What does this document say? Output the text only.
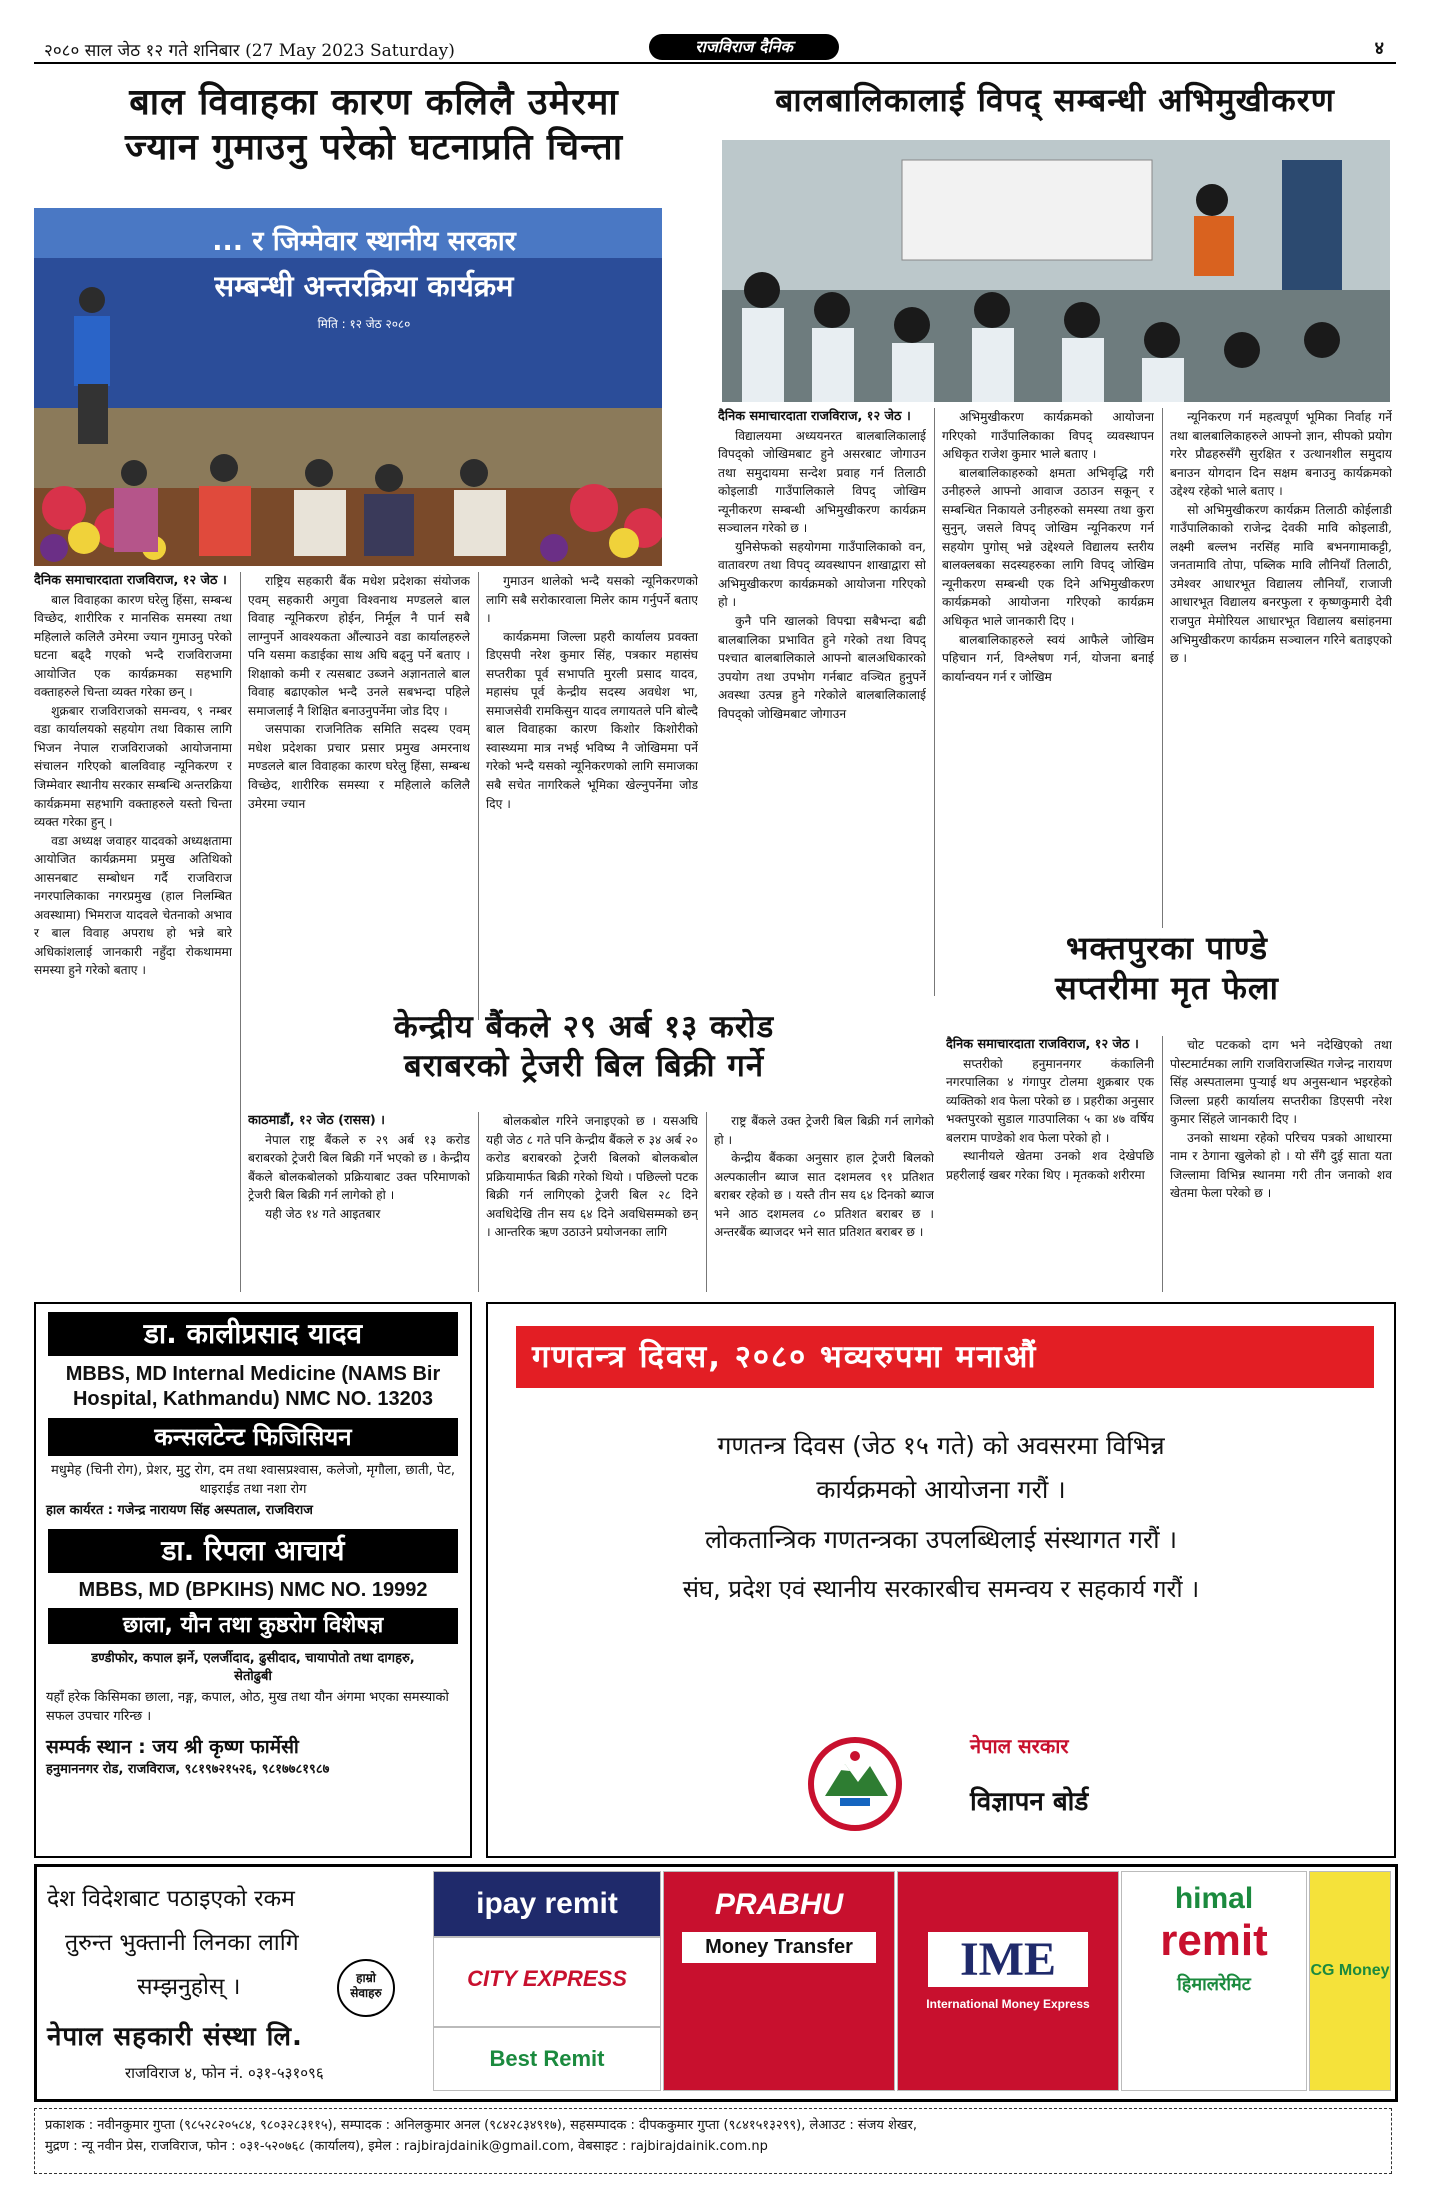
२०८० साल जेठ १२ गते शनिबार (27 May 2023 Saturday)	राजविराज दैनिक	४
बाल विवाहका कारण कलिलै उमेरमा
ज्यान गुमाउनु परेको घटनाप्रति चिन्ता
... र जिम्मेवार स्थानीय सरकार
सम्बन्धी अन्तरक्रिया कार्यक्रम
मिति : १२ जेठ २०८०

दैनिक समाचारदाता राजविराज, १२ जेठ ।

बाल विवाहका कारण घरेलु हिंसा, सम्बन्ध विच्छेद, शारीरिक र मानसिक समस्या तथा महिलाले कलिलै उमेरमा ज्यान गुमाउनु परेको घटना बढ्दै गएको भन्दै राजविराजमा आयोजित एक कार्यक्रमका सहभागि वक्ताहरुले चिन्ता व्यक्त गरेका छन् ।

शुक्रबार राजविराजको समन्वय, ९ नम्बर वडा कार्यालयको सहयोग तथा विकास लागि भिजन नेपाल राजविराजको आयोजनामा संचालन गरिएको बालविवाह न्यूनिकरण र जिम्मेवार स्थानीय सरकार सम्बन्धि अन्तरक्रिया कार्यक्रममा सहभागि वक्ताहरुले यस्तो चिन्ता व्यक्त गरेका हुन् ।

वडा अध्यक्ष जवाहर यादवको अध्यक्षतामा आयोजित कार्यक्रममा प्रमुख अतिथिको आसनबाट सम्बोधन गर्दै राजविराज नगरपालिकाका नगरप्रमुख (हाल निलम्बित अवस्थामा) भिमराज यादवले चेतनाको अभाव र बाल विवाह अपराध हो भन्ने बारे अधिकांशलाई जानकारी नहुँदा रोकथाममा समस्या हुने गरेको बताए ।

राष्ट्रिय सहकारी बैंक मधेश प्रदेशका संयोजक एवम् सहकारी अगुवा विश्वनाथ मण्डलले बाल विवाह न्यूनिकरण होईन, निर्मूल नै पार्न सबै लाग्नुपर्ने आवश्यकता औंल्याउने वडा कार्यालहरुले पनि यसमा कडाईका साथ अघि बढ्नु पर्ने बताए । शिक्षाको कमी र त्यसबाट उब्जने अज्ञानताले बाल विवाह बढाएकोल भन्दै उनले सबभन्दा पहिले समाजलाई नै शिक्षित बनाउनुपर्नेमा जोड दिए ।

जसपाका राजनितिक समिति सदस्य एवम् मधेश प्रदेशका प्रचार प्रसार प्रमुख अमरनाथ मण्डलले बाल विवाहका कारण घरेलु हिंसा, सम्बन्ध विच्छेद, शारीरिक समस्या र महिलाले कलिलै उमेरमा ज्यान

गुमाउन थालेको भन्दै यसको न्यूनिकरणको लागि सबै सरोकारवाला मिलेर काम गर्नुपर्ने बताए ।

कार्यक्रममा जिल्ला प्रहरी कार्यालय प्रवक्ता डिएसपी नरेश कुमार सिंह, पत्रकार महासंघ सप्तरीका पूर्व सभापति मुरली प्रसाद यादव, महासंघ पूर्व केन्द्रीय सदस्य अवधेश भा, समाजसेवी रामकिसुन यादव लगायतले पनि बोल्दै बाल विवाहका कारण किशोर किशोरीको स्वास्थ्यमा मात्र नभई भविष्य नै जोखिममा पर्ने गरेको भन्दै यसको न्यूनिकरणको लागि समाजका सबै सचेत नागरिकले भूमिका खेल्नुपर्नेमा जोड दिए ।

बालबालिकालाई विपद् सम्बन्धी अभिमुखीकरण

दैनिक समाचारदाता राजविराज, १२ जेठ ।

विद्यालयमा अध्ययनरत बालबालिकालाई विपद्को जोखिमबाट हुने असरबाट जोगाउन तथा समुदायमा सन्देश प्रवाह गर्न तिलाठी कोइलाडी गाउँपालिकाले विपद् जोखिम न्यूनीकरण सम्बन्धी अभिमुखीकरण कार्यक्रम सञ्चालन गरेको छ ।

युनिसेफको सहयोगमा गाउँपालिकाको वन, वातावरण तथा विपद् व्यवस्थापन शाखाद्वारा सो अभिमुखीकरण कार्यक्रमको आयोजना गरिएको हो ।

कुनै पनि खालको विपद्मा सबैभन्दा बढी बालबालिका प्रभावित हुने गरेको तथा विपद् पश्चात बालबालिकाले आफ्नो बालअधिकारको उपयोग तथा उपभोग गर्नबाट वञ्चित हुनुपर्ने अवस्था उत्पन्न हुने गरेकोले बालबालिकालाई विपद्को जोखिमबाट जोगाउन

अभिमुखीकरण कार्यक्रमको आयोजना गरिएको गाउँपालिकाका विपद् व्यवस्थापन अधिकृत राजेश कुमार भाले बताए ।

बालबालिकाहरुको क्षमता अभिवृद्धि गरी उनीहरुले आफ्नो आवाज उठाउन सकून् र सम्बन्धित निकायले उनीहरुको समस्या तथा कुरा सुनुन्, जसले विपद् जोखिम न्यूनिकरण गर्न सहयोग पुगोस् भन्ने उद्देश्यले विद्यालय स्तरीय बालक्लबका सदस्यहरुका लागि विपद् जोखिम न्यूनीकरण सम्बन्धी एक दिने अभिमुखीकरण कार्यक्रमको आयोजना गरिएको कार्यक्रम अधिकृत भाले जानकारी दिए ।

बालबालिकाहरुले स्वयं आफैले जोखिम पहिचान गर्न, विश्लेषण गर्न, योजना बनाई कार्यान्वयन गर्न र जोखिम

न्यूनिकरण गर्न महत्वपूर्ण भूमिका निर्वाह गर्ने तथा बालबालिकाहरुले आफ्नो ज्ञान, सीपको प्रयोग गरेर प्रौढहरुसँगै सुरक्षित र उत्थानशील समुदाय बनाउन योगदान दिन सक्षम बनाउनु कार्यक्रमको उद्देश्य रहेको भाले बताए ।

सो अभिमुखीकरण कार्यक्रम तिलाठी कोईलाडी गाउँपालिकाको राजेन्द्र देवकी मावि कोइलाडी, लक्ष्मी बल्लभ नरसिंह मावि बभनगामाकट्टी, जनतामावि तोपा, पब्लिक मावि लौनियाँ तिलाठी, उमेश्वर आधारभूत विद्यालय लौनियाँ, राजाजी आधारभूत विद्यालय बनरफुला र कृष्णकुमारी देवी राजपुत मेमोरियल आधारभूत विद्यालय बसांहनमा अभिमुखीकरण कार्यक्रम सञ्चालन गरिने बताइएको छ ।

केन्द्रीय बैंकले २९ अर्ब १३ करोड
बराबरको ट्रेजरी बिल बिक्री गर्ने

काठमाडौं, १२ जेठ (रासस) ।

नेपाल राष्ट्र बैंकले रु २९ अर्ब १३ करोड बराबरको ट्रेजरी बिल बिक्री गर्ने भएको छ । केन्द्रीय बैंकले बोलकबोलको प्रक्रियाबाट उक्त परिमाणको ट्रेजरी बिल बिक्री गर्न लागेको हो ।

यही जेठ १४ गते आइतबार

बोलकबोल गरिने जनाइएको छ । यसअघि यही जेठ ८ गते पनि केन्द्रीय बैंकले रु ३४ अर्ब २० करोड बराबरको ट्रेजरी बिलको बोलकबोल प्रक्रियामार्फत बिक्री गरेको थियो । पछिल्लो पटक बिक्री गर्न लागिएको ट्रेजरी बिल २८ दिने अवधिदेखि तीन सय ६४ दिने अवधिसम्मको छन् । आन्तरिक ऋण उठाउने प्रयोजनका लागि

राष्ट्र बैंकले उक्त ट्रेजरी बिल बिक्री गर्न लागेको हो ।

केन्द्रीय बैंकका अनुसार हाल ट्रेजरी बिलको अल्पकालीन ब्याज सात दशमलव ९१ प्रतिशत बराबर रहेको छ । यस्तै तीन सय ६४ दिनको ब्याज भने आठ दशमलव ८० प्रतिशत बराबर छ । अन्तरबैंक ब्याजदर भने सात प्रतिशत बराबर छ ।

भक्तपुरका पाण्डे
सप्तरीमा मृत फेला

दैनिक समाचारदाता राजविराज, १२ जेठ ।

सप्तरीको हनुमाननगर कंकालिनी नगरपालिका ४ गंगापुर टोलमा शुक्रबार एक व्यक्तिको शव फेला परेको छ । प्रहरीका अनुसार भक्तपुरको सुडाल गाउपालिका ५ का ४७ वर्षिय बलराम पाण्डेको शव फेला परेको हो ।

स्थानीयले खेतमा उनको शव देखेपछि प्रहरीलाई खबर गरेका थिए । मृतकको शरीरमा

चोट पटकको दाग भने नदेखिएको तथा पोस्टमार्टमका लागि राजविराजस्थित गजेन्द्र नारायण सिंह अस्पतालमा पुऱ्याई थप अनुसन्धान भइरहेको जिल्ला प्रहरी कार्यालय सप्तरीका डिएसपी नरेश कुमार सिंहले जानकारी दिए ।

उनको साथमा रहेको परिचय पत्रको आधारमा नाम र ठेगाना खुलेको हो । यो सँगै दुई साता यता जिल्लामा विभिन्न स्थानमा गरी तीन जनाको शव खेतमा फेला परेको छ ।

डा. कालीप्रसाद यादव
MBBS, MD Internal Medicine (NAMS Bir Hospital, Kathmandu) NMC NO. 13203
कन्सलटेन्ट फिजिसियन
मधुमेह (चिनी रोग), प्रेशर, मुटु रोग, दम तथा श्वासप्रश्वास, कलेजो, मृगौला, छाती, पेट, थाइराईड तथा नशा रोग
हाल कार्यरत : गजेन्द्र नारायण सिंह अस्पताल, राजविराज
डा. रिपला आचार्य
MBBS, MD (BPKIHS) NMC NO. 19992
छाला, यौन तथा कुष्ठरोग विशेषज्ञ
डण्डीफोर, कपाल झर्ने, एलर्जीदाद, ढुसीदाद, चायापोतो तथा दागहरु, सेतोढुबी
यहाँ हरेक किसिमका छाला, नङ्ग, कपाल, ओठ, मुख तथा यौन अंगमा भएका समस्याको सफल उपचार गरिन्छ ।
सम्पर्क स्थान : जय श्री कृष्ण फार्मेसी
हनुमाननगर रोड, राजविराज, ९८१९७२१५२६, ९८१७७८१९८७
गणतन्त्र दिवस, २०८० भव्यरुपमा मनाऔं
गणतन्त्र दिवस (जेठ १५ गते) को अवसरमा विभिन्न
कार्यक्रमको आयोजना गरौं ।
लोकतान्त्रिक गणतन्त्रका उपलब्धिलाई संस्थागत गरौं ।
संघ, प्रदेश एवं स्थानीय सरकारबीच समन्वय र सहकार्य गरौं ।
नेपाल सरकार
विज्ञापन बोर्ड
देश विदेशबाट पठाइएको रकम
तुरुन्त भुक्तानी लिनका लागि
सम्झनुहोस् ।	हाम्रो सेवाहरु
नेपाल सहकारी संस्था लि.
राजविराज ४, फोन नं. ०३१-५३१०९६
ipay remit
CITY EXPRESS
Best Remit
PRABHU
Money Transfer	IME
International Money Express
himal
remit
हिमालरेमिट
CG Money
प्रकाशक : नवीनकुमार गुप्ता (९८५२८२०५८४, ९८०३२८३११५), सम्पादक : अनिलकुमार अनल (९८४२८३४९१७), सहसम्पादक : दीपककुमार गुप्ता (९८४१५१३२९९), लेआउट : संजय शेखर,
मुद्रण : न्यू नवीन प्रेस, राजविराज, फोन : ०३१-५२०७६८ (कार्यालय), इमेल : rajbirajdainik@gmail.com, वेबसाइट : rajbirajdainik.com.np
